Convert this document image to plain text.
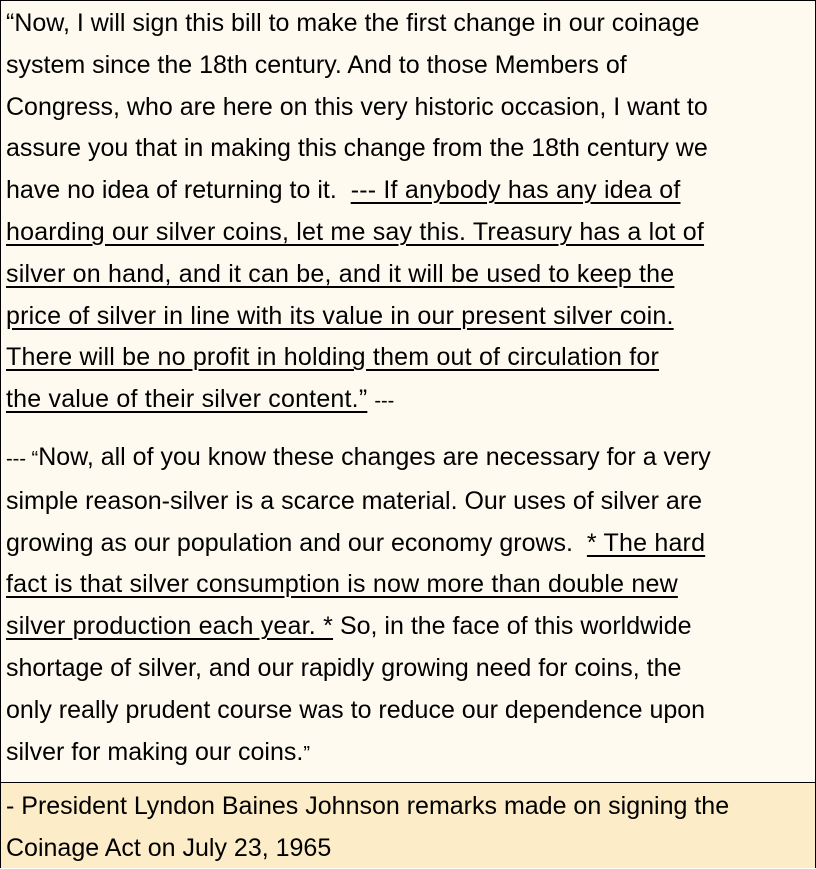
“Now, I will sign this bill to make the first change in our coinage
system since the 18th century. And to those Members of
Congress, who are here on this very historic occasion, I want to
assure you that in making this change from the 18th century we
have no idea of returning to it.  --- If anybody has any idea of
hoarding our silver coins, let me say this. Treasury has a lot of
silver on hand, and it can be, and it will be used to keep the
price of silver in line with its value in our present silver coin.
There will be no profit in holding them out of circulation for
the value of their silver content.” ---
--- “Now, all of you know these changes are necessary for a very
simple reason-silver is a scarce material. Our uses of silver are
growing as our population and our economy grows.  * The hard
fact is that silver consumption is now more than double new
silver production each year. * So, in the face of this worldwide
shortage of silver, and our rapidly growing need for coins, the
only really prudent course was to reduce our dependence upon
silver for making our coins.”
- President Lyndon Baines Johnson remarks made on signing the
Coinage Act on July 23, 1965
